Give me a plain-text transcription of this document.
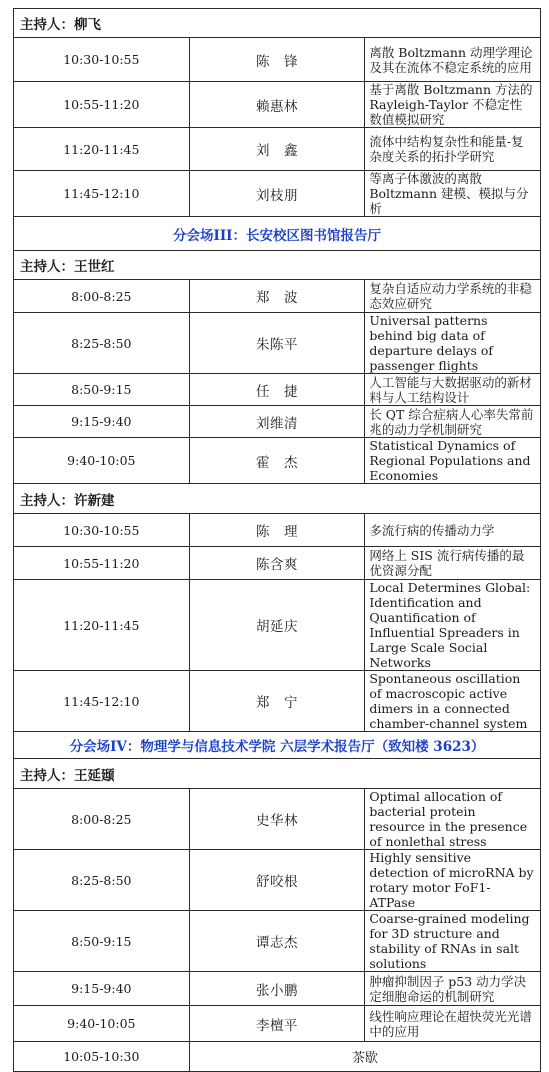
主持人：柳飞		
10:30-10:55	陈　锋	离散 Boltzmann 动理学理论及其在流体不稳定系统的应用
10:55-11:20	赖惠林	基于离散 Boltzmann 方法的 Rayleigh-Taylor 不稳定性数值模拟研究
11:20-11:45	刘　鑫	流体中结构复杂性和能量-复杂度关系的拓扑学研究
11:45-12:10	刘枝朋	等离子体激波的离散 Boltzmann 建模、模拟与分析
分会场III：长安校区图书馆报告厅		
主持人：王世红		
8:00-8:25	郑　波	复杂自适应动力学系统的非稳态效应研究
8:25-8:50	朱陈平	Universal patterns behind big data of departure delays of passenger flights
8:50-9:15	任　捷	人工智能与大数据驱动的新材料与人工结构设计
9:15-9:40	刘维清	长 QT 综合症病人心率失常前兆的动力学机制研究
9:40-10:05	霍　杰	Statistical Dynamics of Regional Populations and Economies
主持人：许新建		
10:30-10:55	陈　理	多流行病的传播动力学
10:55-11:20	陈含爽	网络上 SIS 流行病传播的最优资源分配
11:20-11:45	胡延庆	Local Determines Global: Identification and Quantification of Influential Spreaders in Large Scale Social Networks
11:45-12:10	郑　宁	Spontaneous oscillation of macroscopic active dimers in a connected chamber-channel system
分会场IV：物理学与信息技术学院 六层学术报告厅（致知楼 3623）		
主持人：王延颋		
8:00-8:25	史华林	Optimal allocation of bacterial protein resource in the presence of nonlethal stress
8:25-8:50	舒咬根	Highly sensitive detection of microRNA by rotary motor FoF1-ATPase
8:50-9:15	谭志杰	Coarse-grained modeling for 3D structure and stability of RNAs in salt solutions
9:15-9:40	张小鹏	肿瘤抑制因子 p53 动力学决定细胞命运的机制研究
9:40-10:05	李檀平	线性响应理论在超快荧光光谱中的应用
10:05-10:30	茶歇	
